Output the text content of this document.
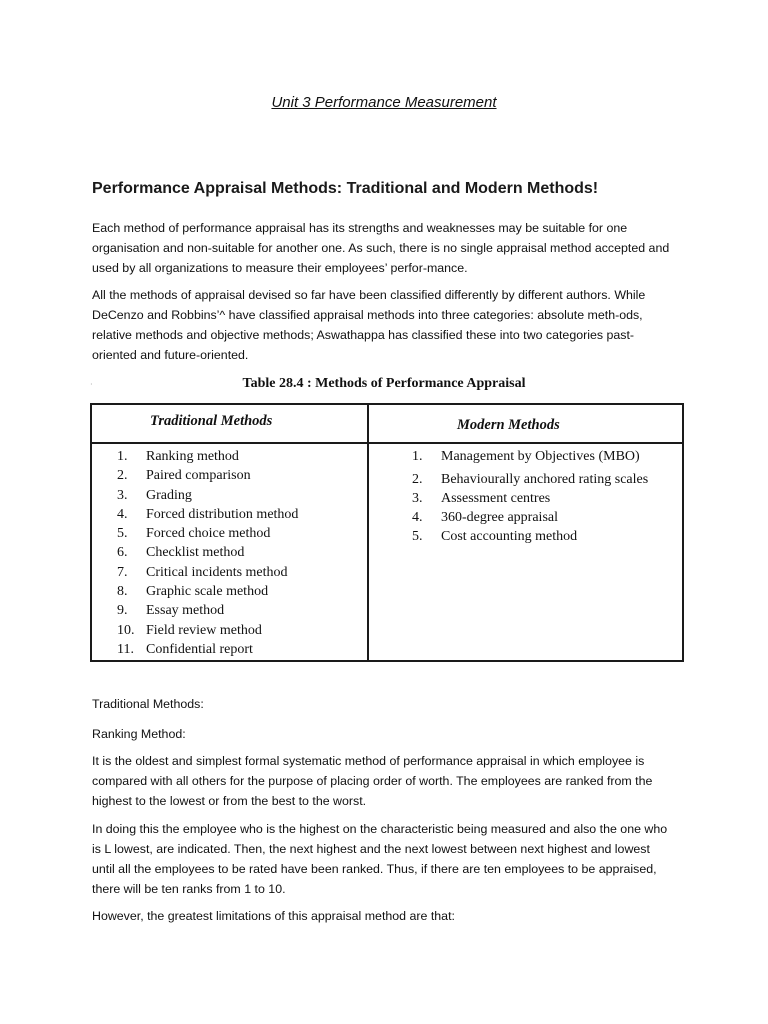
Unit 3 Performance Measurement
Performance Appraisal Methods: Traditional and Modern Methods!

Each method of performance appraisal has its strengths and weaknesses may be suitable for one organisation and non-suitable for another one. As such, there is no single appraisal method accepted and used by all organizations to measure their employees’ perfor-mance.

All the methods of appraisal devised so far have been classified differently by different authors. While DeCenzo and Robbins’^ have classified appraisal methods into three categories: absolute meth-ods, relative methods and objective methods; Aswathappa has classified these into two categories past-oriented and future-oriented.

·	Table 28.4 : Methods of Performance Appraisal
Traditional Methods	Modern Methods
1. Ranking method
2. Paired comparison
3. Grading
4. Forced distribution method
5. Forced choice method
6. Checklist method
7. Critical incidents method
8. Graphic scale method
9. Essay method
10. Field review method
11. Confidential report
1. Management by Objectives (MBO)
2. Behaviourally anchored rating scales
3. Assessment centres
4. 360-degree appraisal
5. Cost accounting method

Traditional Methods:

Ranking Method:

It is the oldest and simplest formal systematic method of performance appraisal in which employee is compared with all others for the purpose of placing order of worth. The employees are ranked from the highest to the lowest or from the best to the worst.

In doing this the employee who is the highest on the characteristic being measured and also the one who is L lowest, are indicated. Then, the next highest and the next lowest between next highest and lowest until all the employees to be rated have been ranked. Thus, if there are ten employees to be appraised, there will be ten ranks from 1 to 10.

However, the greatest limitations of this appraisal method are that:
